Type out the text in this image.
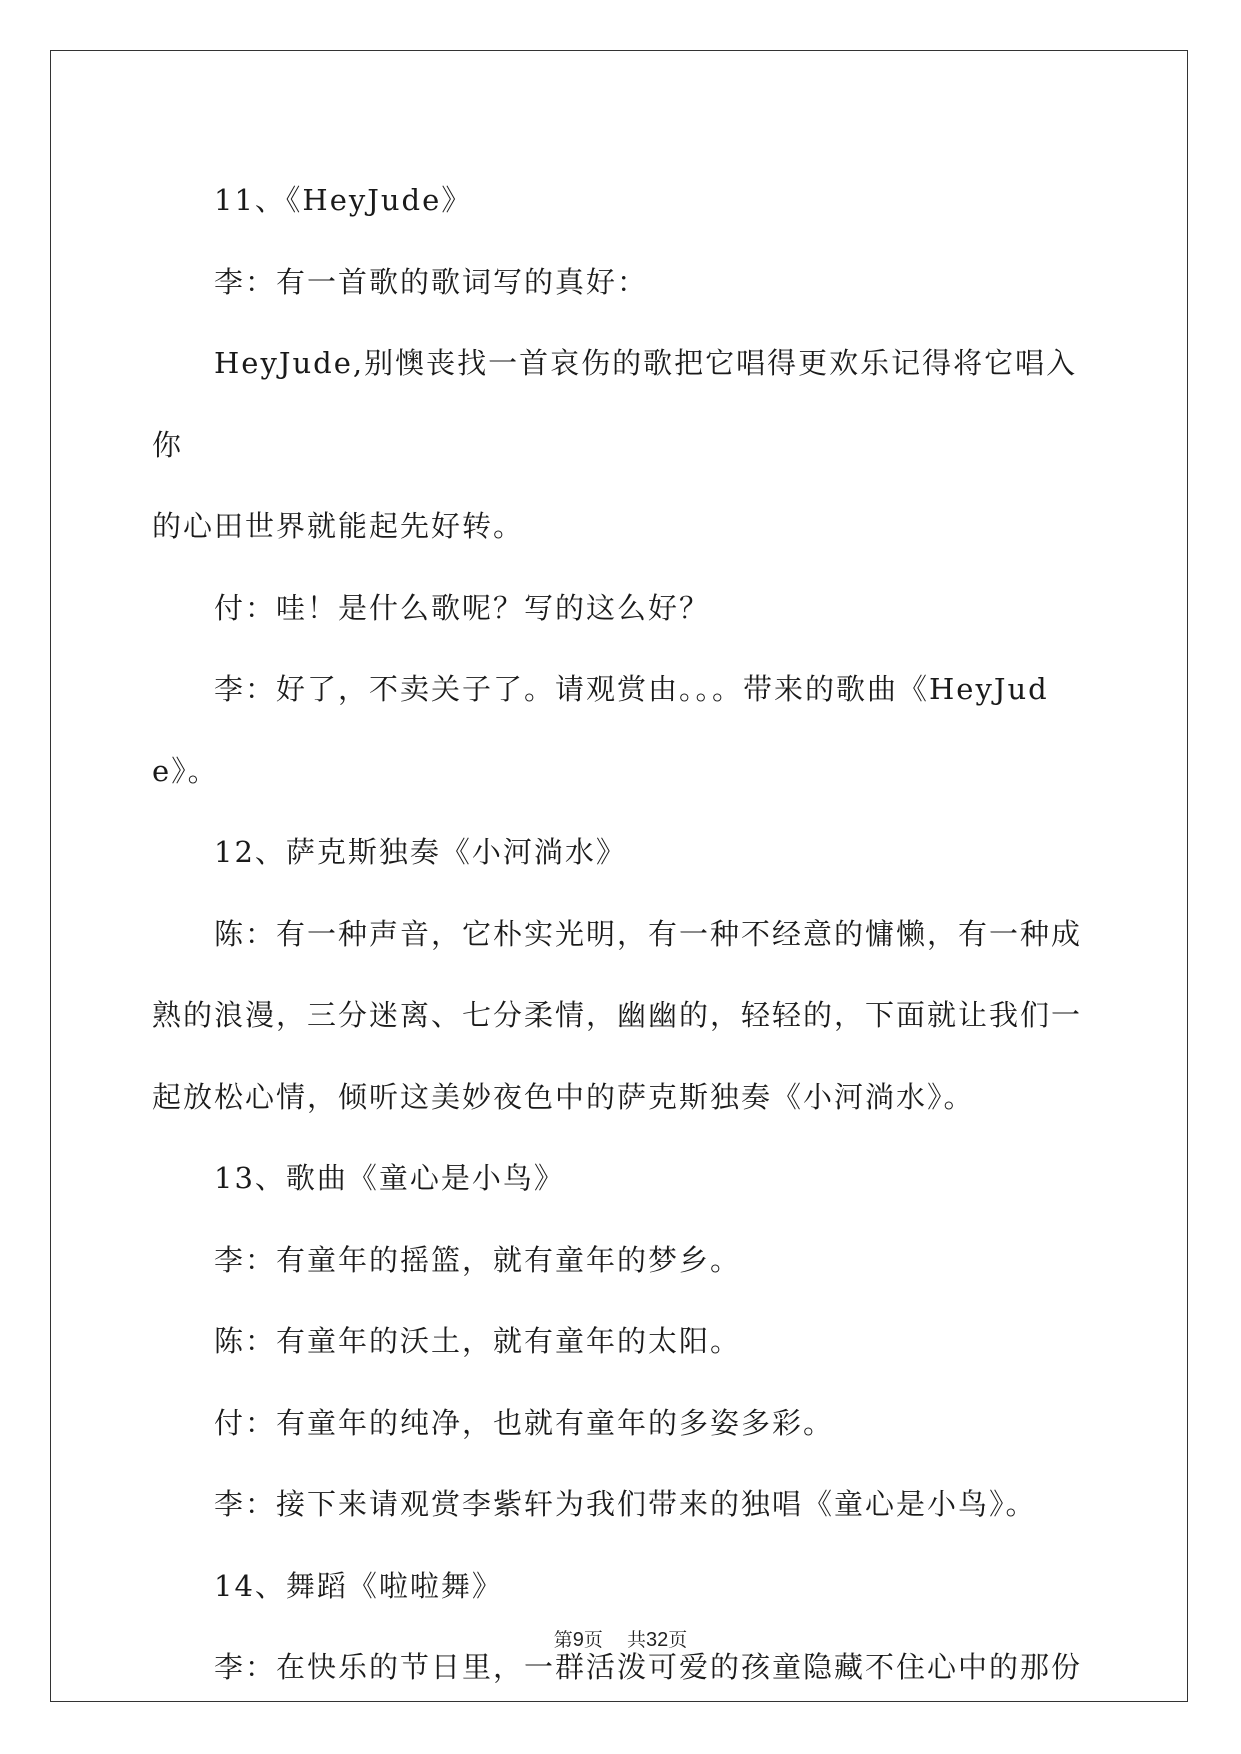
11、《HeyJude》

李：有一首歌的歌词写的真好：

HeyJude,别懊丧找一首哀伤的歌把它唱得更欢乐记得将它唱入你

的心田世界就能起先好转。

付：哇！是什么歌呢？写的这么好？

李：好了，不卖关子了。请观赏由。。。带来的歌曲《HeyJude》。

12、萨克斯独奏《小河淌水》

陈：有一种声音，它朴实光明，有一种不经意的慵懒，有一种成

熟的浪漫，三分迷离、七分柔情，幽幽的，轻轻的，下面就让我们一

起放松心情，倾听这美妙夜色中的萨克斯独奏《小河淌水》。

13、歌曲《童心是小鸟》

李：有童年的摇篮，就有童年的梦乡。

陈：有童年的沃土，就有童年的太阳。

付：有童年的纯净，也就有童年的多姿多彩。

李：接下来请观赏李紫轩为我们带来的独唱《童心是小鸟》。

14、舞蹈《啦啦舞》

李：在快乐的节日里，一群活泼可爱的孩童隐藏不住心中的那份

第9页 共32页
